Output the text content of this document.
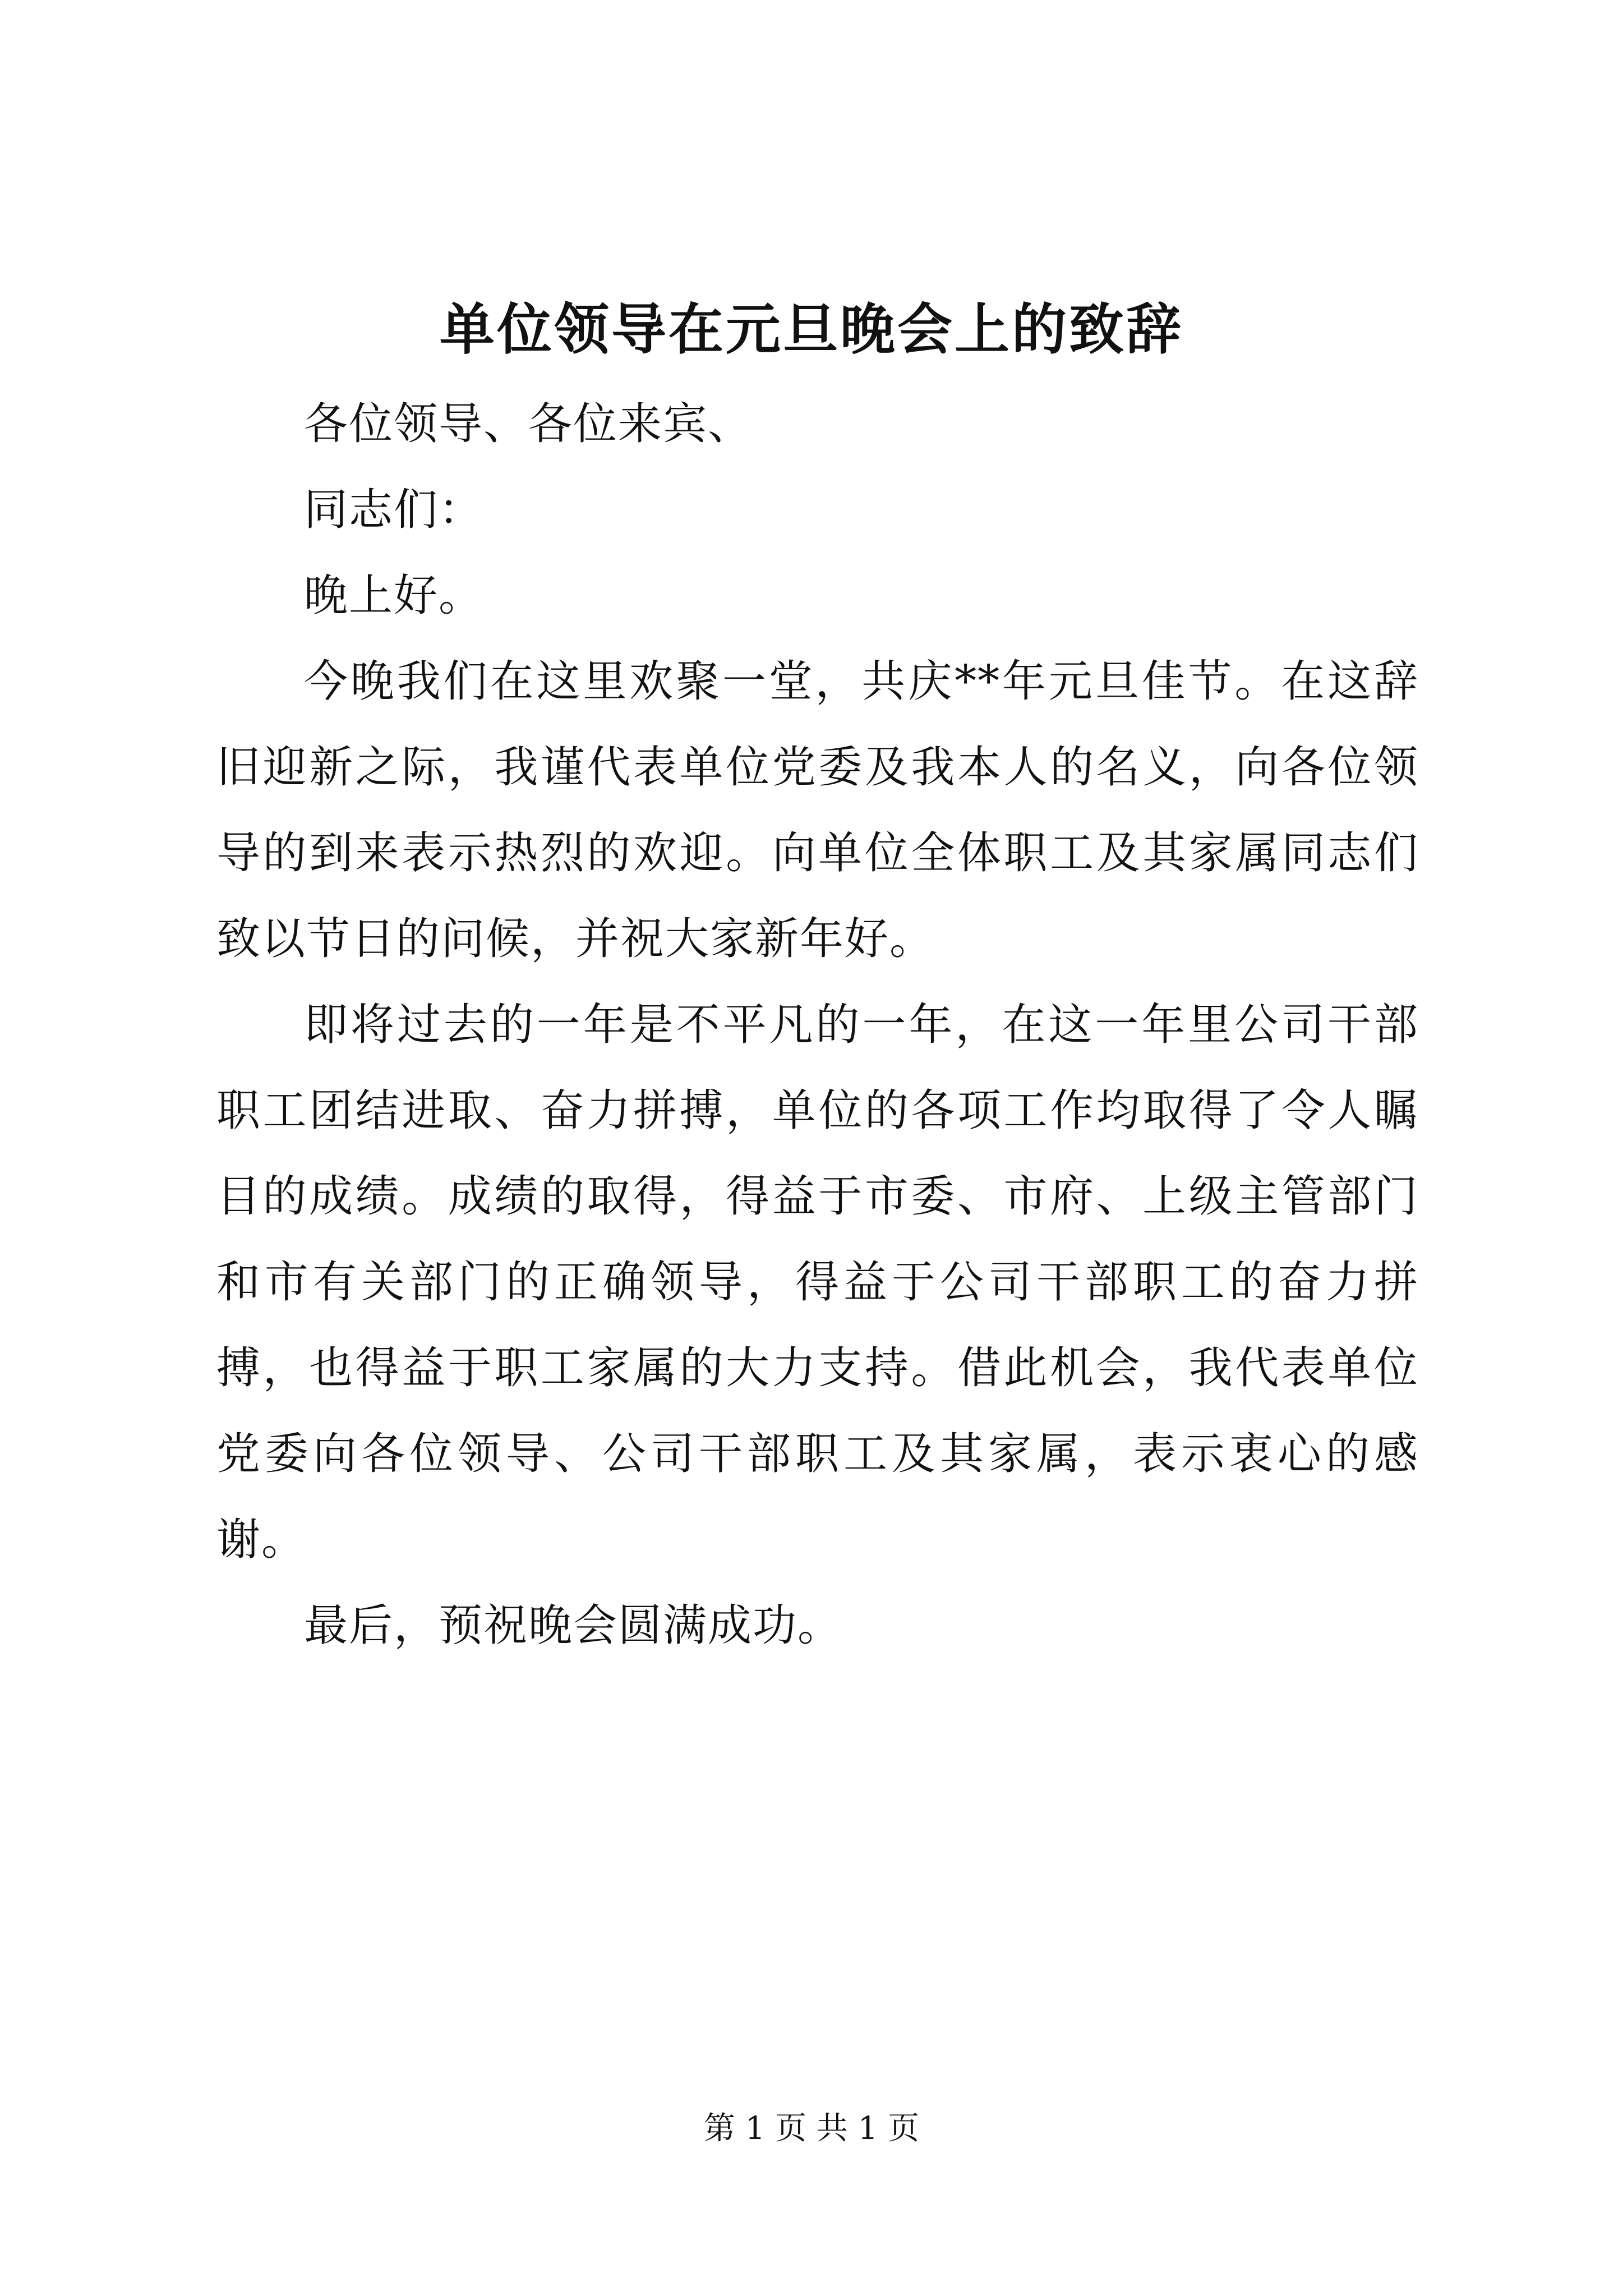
单位领导在元旦晚会上的致辞

各位领导、各位来宾、

同志们：

晚上好。

今晚我们在这里欢聚一堂，共庆**年元旦佳节。在这辞旧迎新之际，我谨代表单位党委及我本人的名义，向各位领导的到来表示热烈的欢迎。向单位全体职工及其家属同志们致以节日的问候，并祝大家新年好。

即将过去的一年是不平凡的一年，在这一年里公司干部职工团结进取、奋力拼搏，单位的各项工作均取得了令人瞩目的成绩。成绩的取得，得益于市委、市府、上级主管部门和市有关部门的正确领导，得益于公司干部职工的奋力拼搏，也得益于职工家属的大力支持。借此机会，我代表单位党委向各位领导、公司干部职工及其家属，表示衷心的感谢。

最后，预祝晚会圆满成功。

第 1 页 共 1 页
